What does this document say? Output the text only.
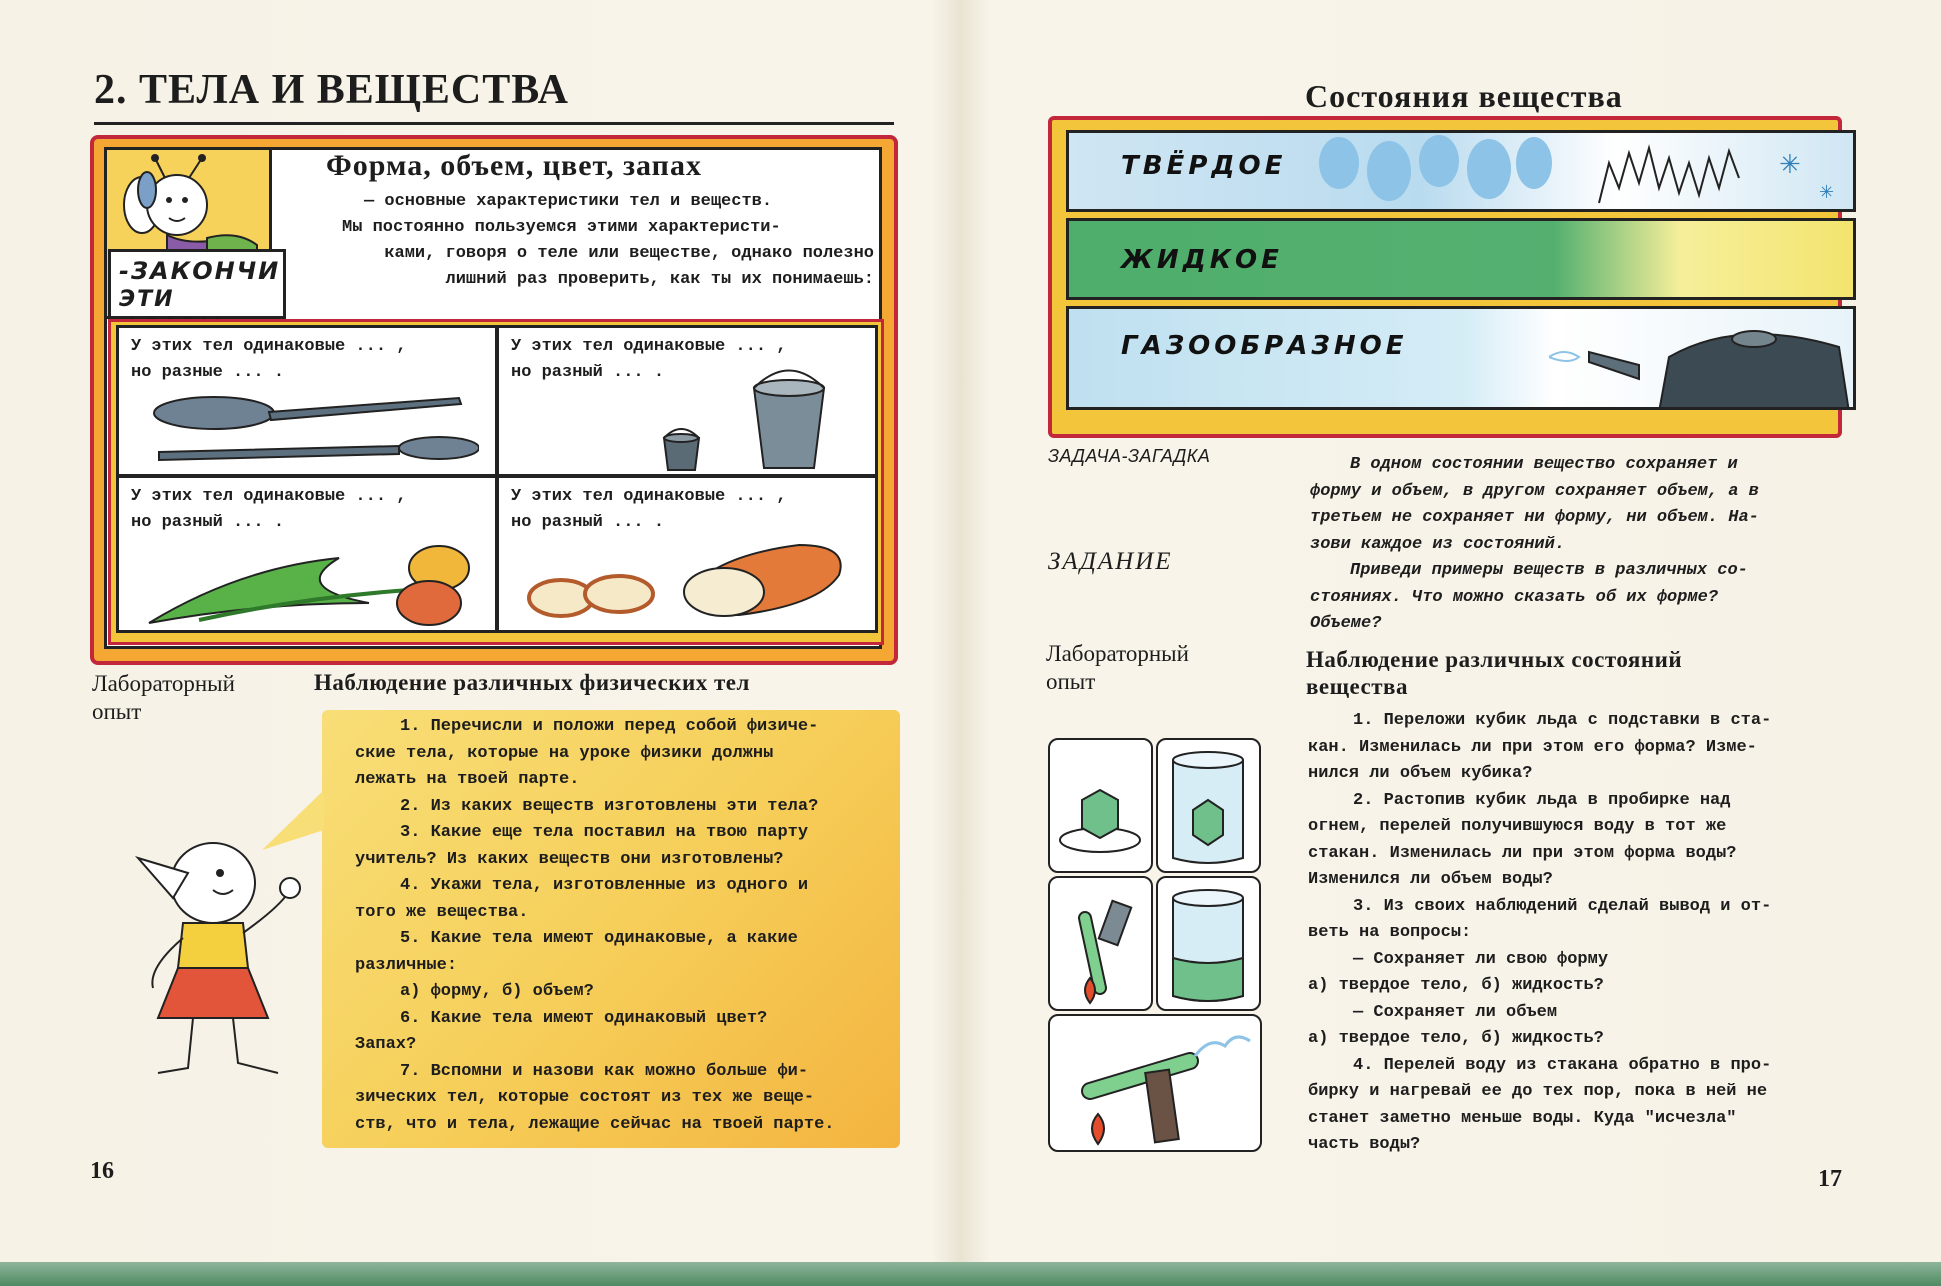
2. ТЕЛА И ВЕЩЕСТВА
-ЗАКОНЧИ
ЭТИ
Форма, объем, цвет, запах
— основные характеристики тел и веществ.
Мы постоянно пользуемся этими характеристи-
ками, говоря о теле или веществе, однако полезно
лишний раз проверить, как ты их понимаешь:
У этих тел одинаковые ... ,
но разные ... .
У этих тел одинаковые ... ,
но разный ... .
У этих тел одинаковые ... ,
но разный ... .
У этих тел одинаковые ... ,
но разный ... .
Лабораторный
опыт
Наблюдение различных физических тел

1. Перечисли и положи перед собой физиче-

ские тела, которые на уроке физики должны

лежать на твоей парте.

2. Из каких веществ изготовлены эти тела?

3. Какие еще тела поставил на твою парту

учитель? Из каких веществ они изготовлены?

4. Укажи тела, изготовленные из одного и

того же вещества.

5. Какие тела имеют одинаковые, а какие

различные:

а) форму, б) объем?

6. Какие тела имеют одинаковый цвет?

Запах?

7. Вспомни и назови как можно больше фи-

зических тел, которые состоят из тех же веще-

ств, что и тела, лежащие сейчас на твоей парте.

16
Состояния вещества
✳
✳
ТВЁРДОЕ
ЖИДКОЕ
ГАЗООБРАЗНОЕ
ЗАДАЧА-ЗАГАДКА	В одном состоянии вещество сохраняет и
форму и объем, в другом сохраняет объем, а в
третьем не сохраняет ни форму, ни объем. На-
зови каждое из состояний.
Приведи примеры веществ в различных со-
стояниях. Что можно сказать об их форме?
Объеме?
ЗАДАНИЕ
Лабораторный
опыт
Наблюдение различных состояний
вещества

1. Переложи кубик льда с подставки в ста-

кан. Изменилась ли при этом его форма? Изме-

нился ли объем кубика?

2. Растопив кубик льда в пробирке над

огнем, перелей получившуюся воду в тот же

стакан. Изменилась ли при этом форма воды?

Изменился ли объем воды?

3. Из своих наблюдений сделай вывод и от-

веть на вопросы:

— Сохраняет ли свою форму

а) твердое тело, б) жидкость?

— Сохраняет ли объем

а) твердое тело, б) жидкость?

4. Перелей воду из стакана обратно в про-

бирку и нагревай ее до тех пор, пока в ней не

станет заметно меньше воды. Куда "исчезла"

часть воды?

17
